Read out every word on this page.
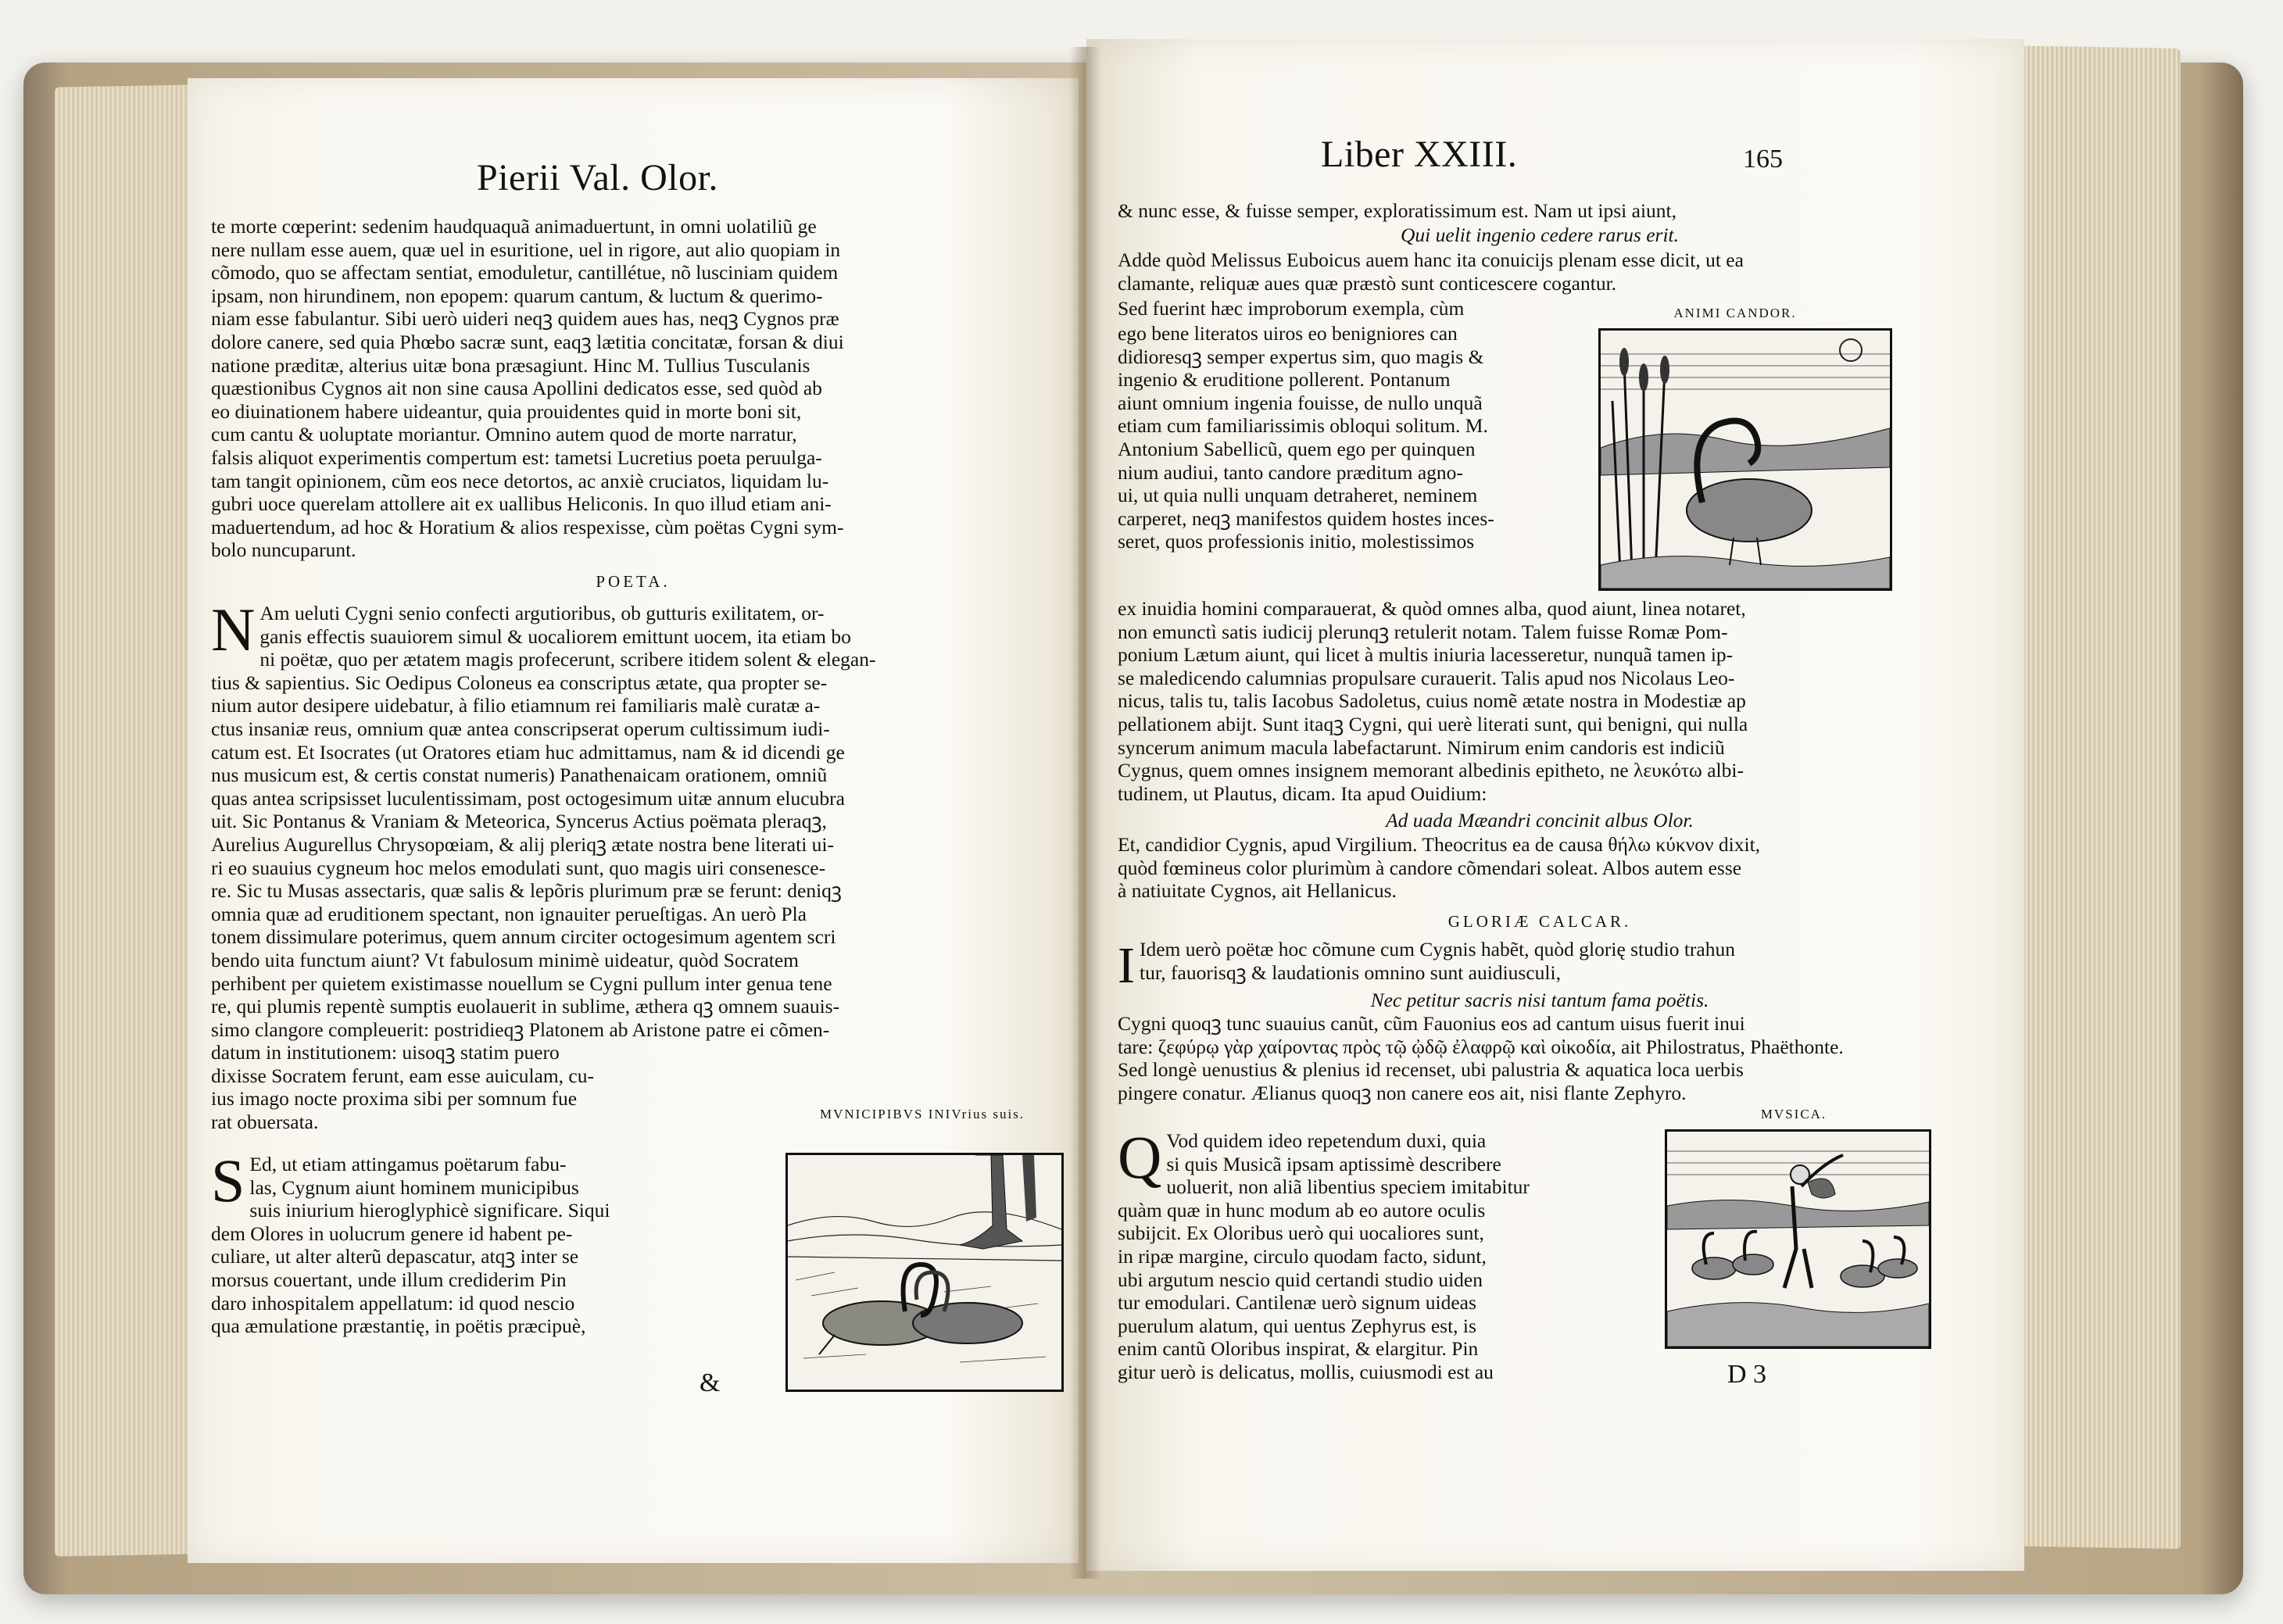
Pierii Val. Olor.
te morte cœperint: sedenim haudquaquã animaduertunt, in omni uolatiliũ ge
nere nullam esse auem, quæ uel in esuritione, uel in rigore, aut alio quopiam in
cõmodo, quo se affectam sentiat, emoduletur, cantillétue, nõ lusciniam quidem
ipsam, non hirundinem, non epopem: quarum cantum, & luctum & querimo-
niam esse fabulantur. Sibi uerò uideri neqꝫ quidem aues has, neqꝫ Cygnos præ
dolore canere, sed quia Phœbo sacræ sunt, eaqꝫ lætitia concitatæ, forsan & diui
natione præditæ, alterius uitæ bona præsagiunt. Hinc M. Tullius Tusculanis
quæstionibus Cygnos ait non sine causa Apollini dedicatos esse, sed quòd ab
eo diuinationem habere uideantur, quia prouidentes quid in morte boni sit,
cum cantu & uoluptate moriantur. Omnino autem quod de morte narratur,
falsis aliquot experimentis compertum est: tametsi Lucretius poeta peruulga-
tam tangit opinionem, cũm eos nece detortos, ac anxiè cruciatos, liquidam lu-
gubri uoce querelam attollere ait ex uallibus Heliconis. In quo illud etiam ani-
maduertendum, ad hoc & Horatium & alios respexisse, cùm poëtas Cygni sym-
bolo nuncuparunt.
POETA.
N Am ueluti Cygni senio confecti argutioribus, ob gutturis exilitatem, or-
ganis effectis suauiorem simul & uocaliorem emittunt uocem, ita etiam bo
ni poëtæ, quo per ætatem magis profecerunt, scribere itidem solent & elegan-
tius & sapientius. Sic Oedipus Coloneus ea conscriptus ætate, qua propter se-
nium autor desipere uidebatur, à filio etiamnum rei familiaris malè curatæ a-
ctus insaniæ reus, omnium quæ antea conscripserat operum cultissimum iudi-
catum est. Et Isocrates (ut Oratores etiam huc admittamus, nam & id dicendi ge
nus musicum est, & certis constat numeris) Panathenaicam orationem, omniũ
quas antea scripsisset luculentissimam, post octogesimum uitæ annum elucubra
uit. Sic Pontanus & Vraniam & Meteorica, Syncerus Actius poëmata pleraqꝫ,
Aurelius Augurellus Chrysopœiam, & alij pleriqꝫ ætate nostra bene literati ui-
ri eo suauius cygneum hoc melos emodulati sunt, quo magis uiri consenesce-
re. Sic tu Musas assectaris, quæ salis & lepõris plurimum præ se ferunt: deniqꝫ
omnia quæ ad eruditionem spectant, non ignauiter perueſtigas. An uerò Pla
tonem dissimulare poterimus, quem annum circiter octogesimum agentem scri
bendo uita functum aiunt? Vt fabulosum minimè uideatur, quòd Socratem
perhibent per quietem existimasse nouellum se Cygni pullum inter genua tene
re, qui plumis repentè sumptis euolauerit in sublime, æthera qꝫ omnem suauis-
simo clangore compleuerit: postridieqꝫ Platonem ab Aristone patre ei cõmen-
datum in institutionem: uisoqꝫ statim puero
dixisse Socratem ferunt, eam esse auiculam, cu-
ius imago nocte proxima sibi per somnum fue
rat obuersata.	MVNICIPIBVS INIVrius suis.
S Ed, ut etiam attingamus poëtarum fabu-
las, Cygnum aiunt hominem municipibus
suis iniurium hieroglyphicè significare. Siqui
dem Olores in uolucrum genere id habent pe-
culiare, ut alter alterũ depascatur, atqꝫ inter se
morsus couertant, unde illum crediderim Pin
daro inhospitalem appellatum: id quod nescio
qua æmulatione præstantię, in poëtis præcipuè,
&
Liber XXIII.	165
& nunc esse, & fuisse semper, exploratissimum est. Nam ut ipsi aiunt,
Qui uelit ingenio cedere rarus erit.
Adde quòd Melissus Euboicus auem hanc ita conuicijs plenam esse dicit, ut ea
clamante, reliquæ aues quæ præstò sunt conticescere cogantur.
Sed fuerint hæc improborum exempla, cùm	ANIMI CANDOR.
ego bene literatos uiros eo benigniores can
didioresqꝫ semper expertus sim, quo magis &
ingenio & eruditione pollerent. Pontanum
aiunt omnium ingenia fouisse, de nullo unquã
etiam cum familiarissimis obloqui solitum. M.
Antonium Sabellicũ, quem ego per quinquen
nium audiui, tanto candore præditum agno-
ui, ut quia nulli unquam detraheret, neminem
carperet, neqꝫ manifestos quidem hostes inces-
seret, quos professionis initio, molestissimos
ex inuidia homini comparauerat, & quòd omnes alba, quod aiunt, linea notaret,
non emunctì satis iudicij plerunqꝫ retulerit notam. Talem fuisse Romæ Pom-
ponium Lætum aiunt, qui licet à multis iniuria lacesseretur, nunquã tamen ip-
se maledicendo calumnias propulsare curauerit. Talis apud nos Nicolaus Leo-
nicus, talis tu, talis Iacobus Sadoletus, cuius nomẽ ætate nostra in Modestiæ ap
pellationem abijt. Sunt itaqꝫ Cygni, qui uerè literati sunt, qui benigni, qui nulla
syncerum animum macula labefactarunt. Nimirum enim candoris est indiciũ
Cygnus, quem omnes insignem memorant albedinis epitheto, ne λευκότω albi-
tudinem, ut Plautus, dicam. Ita apud Ouidium:
Ad uada Mæandri concinit albus Olor.
Et, candidior Cygnis, apud Virgilium. Theocritus ea de causa θήλω κύκνον dixit,
quòd fœmineus color plurimùm à candore cõmendari soleat. Albos autem esse
à natiuitate Cygnos, ait Hellanicus.
GLORIÆ CALCAR.
I Idem uerò poëtæ hoc cõmune cum Cygnis habẽt, quòd glorię studio trahun
tur, fauorisqꝫ & laudationis omnino sunt auidiusculi,
Nec petitur sacris nisi tantum fama poëtis.
Cygni quoqꝫ tunc suauius canũt, cũm Fauonius eos ad cantum uisus fuerit inui
tare: ζεφύρῳ γὰρ χαίροντας πρὸς τῷ ᾠδῷ ἐλαφρῷ καὶ οἰκοδία, ait Philostratus, Phaëthonte.
Sed longè uenustius & plenius id recenset, ubi palustria & aquatica loca uerbis
pingere conatur. Ælianus quoqꝫ non canere eos ait, nisi flante Zephyro.
MVSICA.
Q Vod quidem ideo repetendum duxi, quia
si quis Musicã ipsam aptissimè describere
uoluerit, non aliã libentius speciem imitabitur
quàm quæ in hunc modum ab eo autore oculis
subijcit. Ex Oloribus uerò qui uocaliores sunt,
in ripæ margine, circulo quodam facto, sidunt,
ubi argutum nescio quid certandi studio uiden
tur emodulari. Cantilenæ uerò signum uideas
puerulum alatum, qui uentus Zephyrus est, is
enim cantũ Oloribus inspirat, & elargitur. Pin
gitur uerò is delicatus, mollis, cuiusmodi est au	D 3
